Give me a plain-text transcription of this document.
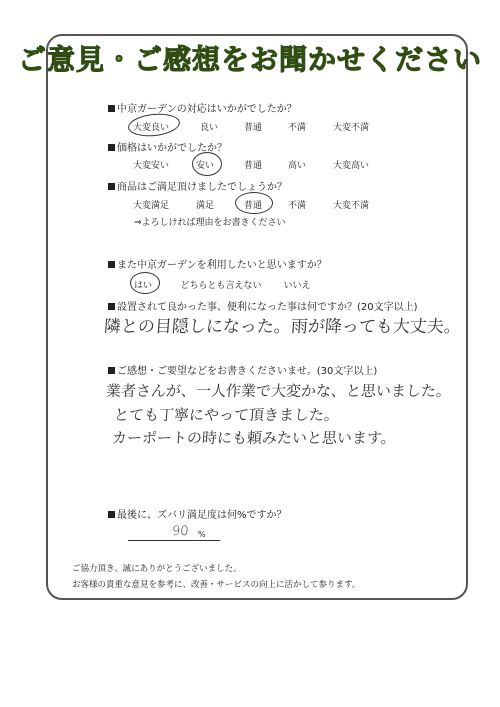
ご意見・ご感想をお聞かせください
中京ガーデンの対応はいかがでしたか？
大変良い	良い	普通	不満	大変不満
価格はいかがでしたか？
大変安い	安い	普通	高い	大変高い
商品はご満足頂けましたでしょうか？
大変満足	満足	普通	不満	大変不満
⇒よろしければ理由をお書きください
また中京ガーデンを利用したいと思いますか？
はい	どちらとも言えない	いいえ
設置されて良かった事、便利になった事は何ですか？(20文字以上)
隣との目隠しになった。雨が降っても大丈夫。
ご感想・ご要望などをお書きくださいませ。(30文字以上)
業者さんが、一人作業で大変かな、と思いました。
とても丁寧にやって頂きました。
カーポートの時にも頼みたいと思います。
最後に、ズバリ満足度は何%ですか？
90 %
ご協力頂き、誠にありがとうございました。
お客様の貴重な意見を参考に、改善・サービスの向上に活かして参ります。
